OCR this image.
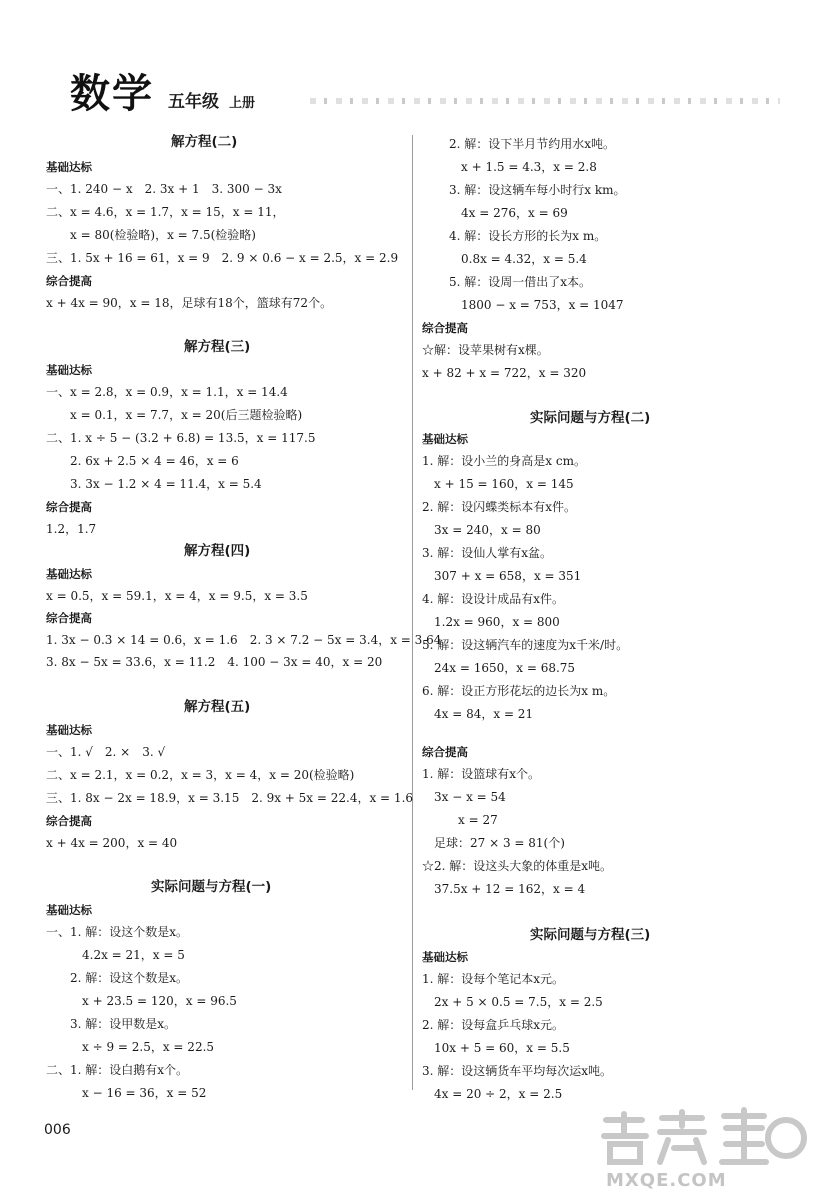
数学 五年级 上册
解方程(二)
基础达标
一、1. 240 − x　2. 3x + 1　3. 300 − 3x
二、x = 4.6，x = 1.7，x = 15，x = 11，
　　x = 80(检验略)，x = 7.5(检验略)
三、1. 5x + 16 = 61，x = 9　2. 9 × 0.6 − x = 2.5，x = 2.9
综合提高
x + 4x = 90，x = 18，足球有18个，篮球有72个。
解方程(三)
基础达标
一、x = 2.8，x = 0.9，x = 1.1，x = 14.4
　　x = 0.1，x = 7.7，x = 20(后三题检验略)
二、1. x ÷ 5 − (3.2 + 6.8) = 13.5，x = 117.5
　　2. 6x + 2.5 × 4 = 46，x = 6
　　3. 3x − 1.2 × 4 = 11.4，x = 5.4
综合提高
1.2，1.7
解方程(四)
基础达标
x = 0.5，x = 59.1，x = 4，x = 9.5，x = 3.5
综合提高
1. 3x − 0.3 × 14 = 0.6，x = 1.6　2. 3 × 7.2 − 5x = 3.4，x = 3.64
3. 8x − 5x = 33.6，x = 11.2　4. 100 − 3x = 40，x = 20
解方程(五)
基础达标
一、1. √　2. ×　3. √
二、x = 2.1，x = 0.2，x = 3，x = 4，x = 20(检验略)
三、1. 8x − 2x = 18.9，x = 3.15　2. 9x + 5x = 22.4，x = 1.6
综合提高
x + 4x = 200，x = 40
实际问题与方程(一)
基础达标
一、1. 解：设这个数是x。
　　　4.2x = 21，x = 5
　　2. 解：设这个数是x。
　　　x + 23.5 = 120，x = 96.5
　　3. 解：设甲数是x。
　　　x ÷ 9 = 2.5，x = 22.5
二、1. 解：设白鹅有x个。
　　　x − 16 = 36，x = 52
2. 解：设下半月节约用水x吨。
　x + 1.5 = 4.3，x = 2.8
3. 解：设这辆车每小时行x km。
　4x = 276，x = 69
4. 解：设长方形的长为x m。
　0.8x = 4.32，x = 5.4
5. 解：设周一借出了x本。
　1800 − x = 753，x = 1047
综合提高
☆解：设苹果树有x棵。
x + 82 + x = 722，x = 320
实际问题与方程(二)
基础达标
1. 解：设小兰的身高是x cm。
　x + 15 = 160，x = 145
2. 解：设闪蝶类标本有x件。
　3x = 240，x = 80
3. 解：设仙人掌有x盆。
　307 + x = 658，x = 351
4. 解：设设计成品有x件。
　1.2x = 960，x = 800
5. 解：设这辆汽车的速度为x千米/时。
　24x = 1650，x = 68.75
6. 解：设正方形花坛的边长为x m。
　4x = 84，x = 21
综合提高
1. 解：设篮球有x个。
　3x − x = 54
　　　x = 27
　足球：27 × 3 = 81(个)
☆2. 解：设这头大象的体重是x吨。
　37.5x + 12 = 162，x = 4
实际问题与方程(三)
基础达标
1. 解：设每个笔记本x元。
　2x + 5 × 0.5 = 7.5，x = 2.5
2. 解：设每盒乒乓球x元。
　10x + 5 = 60，x = 5.5
3. 解：设这辆货车平均每次运x吨。
　4x = 20 ÷ 2，x = 2.5
006
MXQE.COM
